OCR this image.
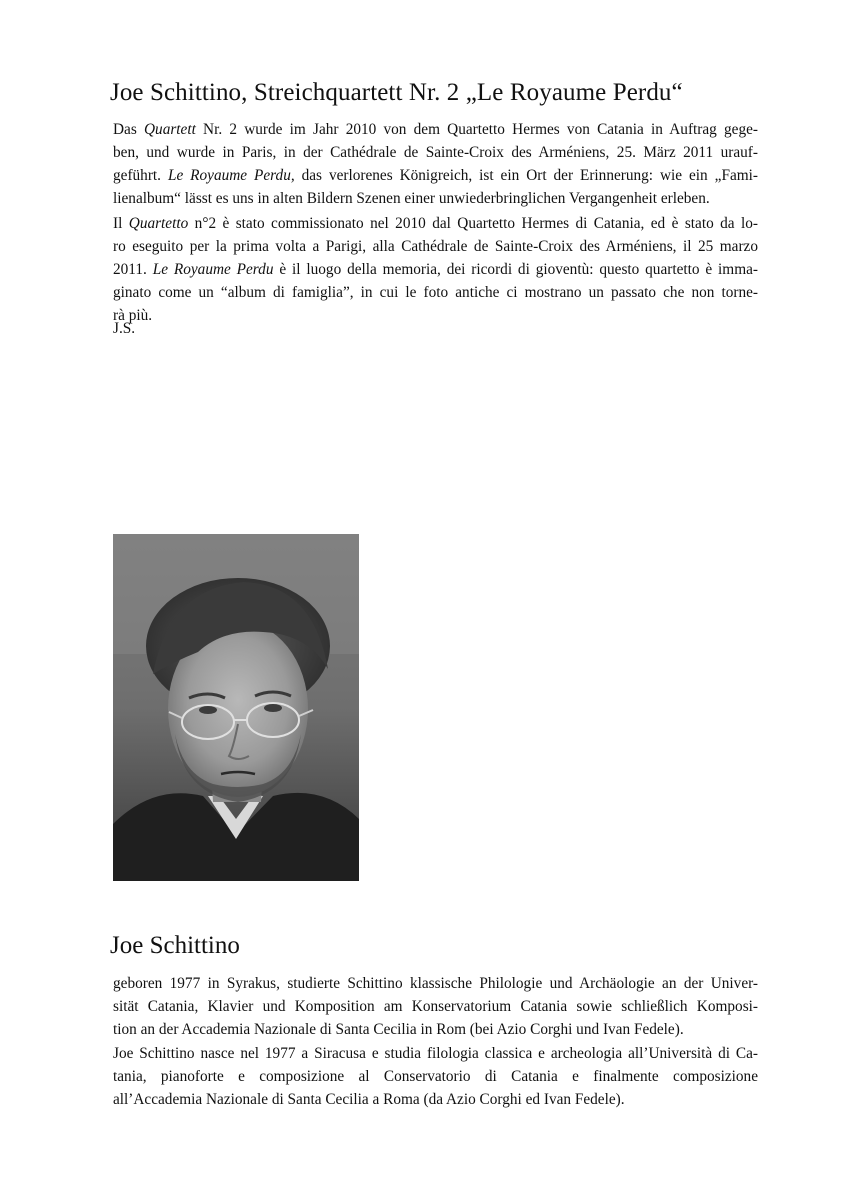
Joe Schittino, Streichquartett Nr. 2 „Le Royaume Perdu“

Das Quartett Nr. 2 wurde im Jahr 2010 von dem Quartetto Hermes von Catania in Auftrag gege-
ben, und wurde in Paris, in der Cathédrale de Sainte-Croix des Arméniens, 25. März 2011 urauf-
geführt. Le Royaume Perdu, das verlorenes Königreich, ist ein Ort der Erinnerung: wie ein „Fami-
lienalbum“ lässt es uns in alten Bildern Szenen einer unwiederbringlichen Vergangenheit erleben.

Il Quartetto n°2 è stato commissionato nel 2010 dal Quartetto Hermes di Catania, ed è stato da lo-
ro eseguito per la prima volta a Parigi, alla Cathédrale de Sainte-Croix des Arméniens, il 25 marzo
2011. Le Royaume Perdu è il luogo della memoria, dei ricordi di gioventù: questo quartetto è imma-
ginato come un “album di famiglia”, in cui le foto antiche ci mostrano un passato che non torne-
rà più.

J.S.

Joe Schittino

geboren 1977 in Syrakus, studierte Schittino klassische Philologie und Archäologie an der Univer-
sität Catania, Klavier und Komposition am Konservatorium Catania sowie schließlich Komposi-
tion an der Accademia Nazionale di Santa Cecilia in Rom (bei Azio Corghi und Ivan Fedele).

Joe Schittino nasce nel 1977 a Siracusa e studia filologia classica e archeologia all’Università di Ca-
tania, pianoforte e composizione al Conservatorio di Catania e finalmente composizione
all’Accademia Nazionale di Santa Cecilia a Roma (da Azio Corghi ed Ivan Fedele).
